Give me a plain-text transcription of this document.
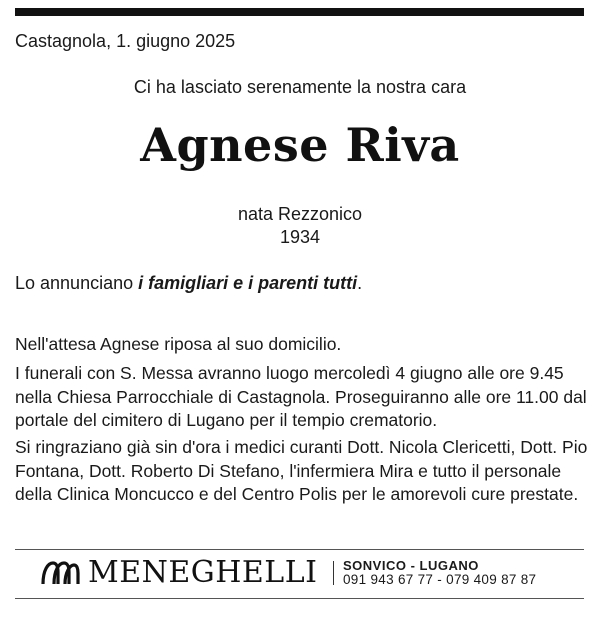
Castagnola, 1. giugno 2025
Ci ha lasciato serenamente la nostra cara
Agnese Riva
nata Rezzonico
1934
Lo annunciano i famigliari e i parenti tutti.
Nell'attesa Agnese riposa al suo domicilio.
I funerali con S. Messa avranno luogo mercoledì 4 giugno alle ore 9.45 nella Chiesa Parrocchiale di Castagnola. Proseguiranno alle ore 11.00 dal portale del cimitero di Lugano per il tempio crematorio.
Si ringraziano già sin d'ora i medici curanti Dott. Nicola Clericetti, Dott. Pio Fontana, Dott. Roberto Di Stefano, l'infermiera Mira e tutto il personale della Clinica Moncucco e del Centro Polis per le amorevoli cure prestate.
MENEGHELLI SONVICO - LUGANO
091 943 67 77 - 079 409 87 87
